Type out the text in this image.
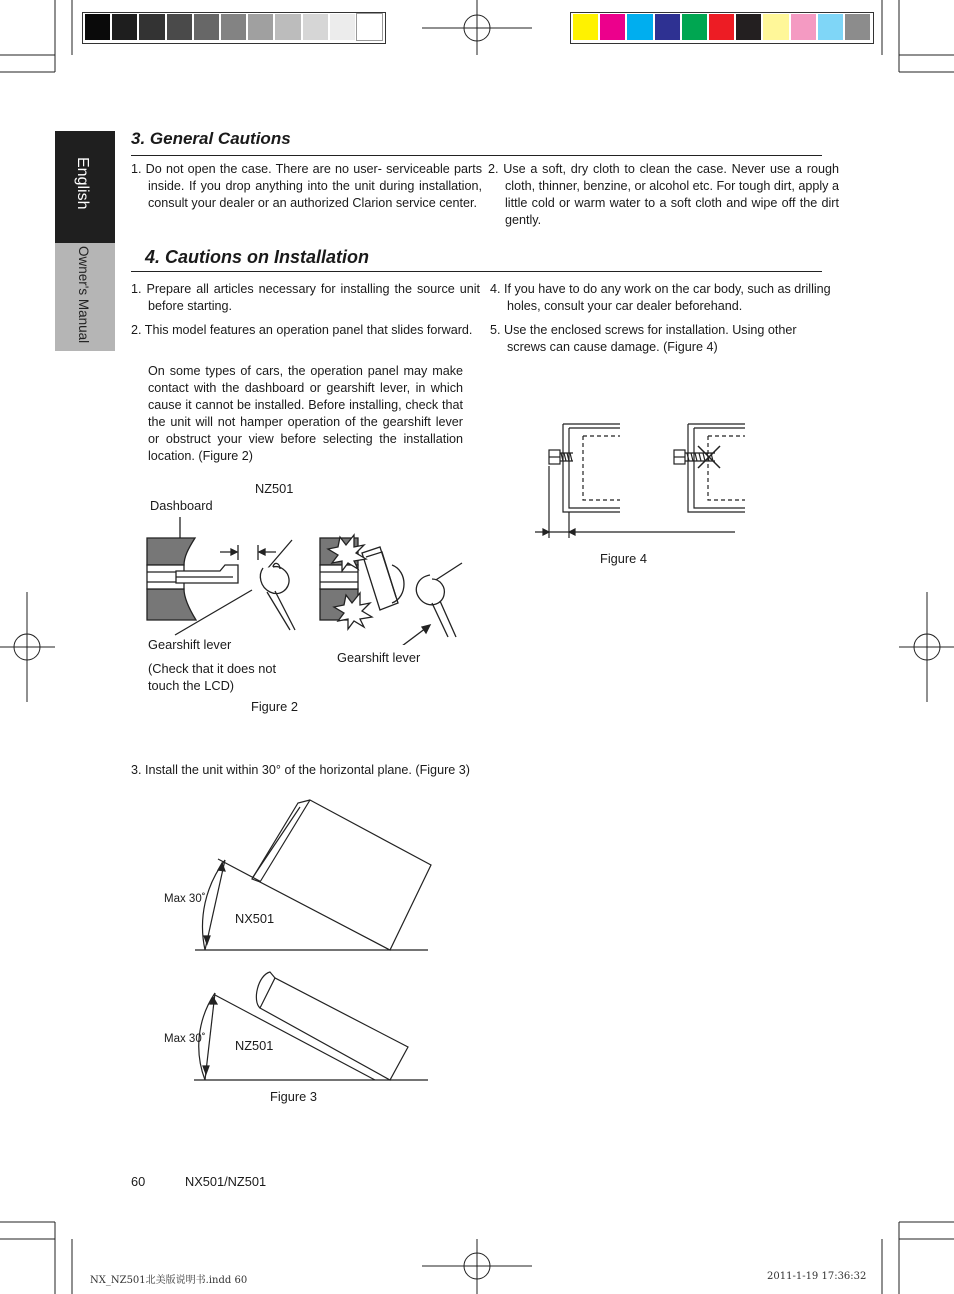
English
Owner's Manual
3. General Cautions

1. Do not open the case. There are no user- serviceable parts inside. If you drop anything into the unit during installation, consult your dealer or an authorized Clarion service center.

2. Use a soft, dry cloth to clean the case. Never use a rough cloth, thinner, benzine, or alcohol etc. For tough dirt, apply a little cold or warm water to a soft cloth and wipe off the dirt gently.

4. Cautions on Installation

1. Prepare all articles necessary for installing the source unit before starting.

2. This model features an operation panel that slides forward.

On some types of cars, the operation panel may make contact with the dashboard or gearshift lever, in which cause it cannot be installed. Before installing, check that the unit will not hamper operation of the gearshift lever or obstruct your view before selecting the installation location. (Figure 2)

4. If you have to do any work on the car body, such as drilling holes, consult your car dealer beforehand.

5. Use the enclosed screws for installation. Using other screws can cause damage. (Figure 4)

NZ501
Dashboard
Gearshift lever
(Check that it does not touch the LCD)
Gearshift lever
Figure 2
Figure 4

3. Install the unit within 30° of the horizontal plane. (Figure 3)

Max 30˚
NX501
Max 30˚ NZ501
Figure 3
60	NX501/NZ501
NX_NZ501北美版说明书.indd 60	2011-1-19 17:36:32
